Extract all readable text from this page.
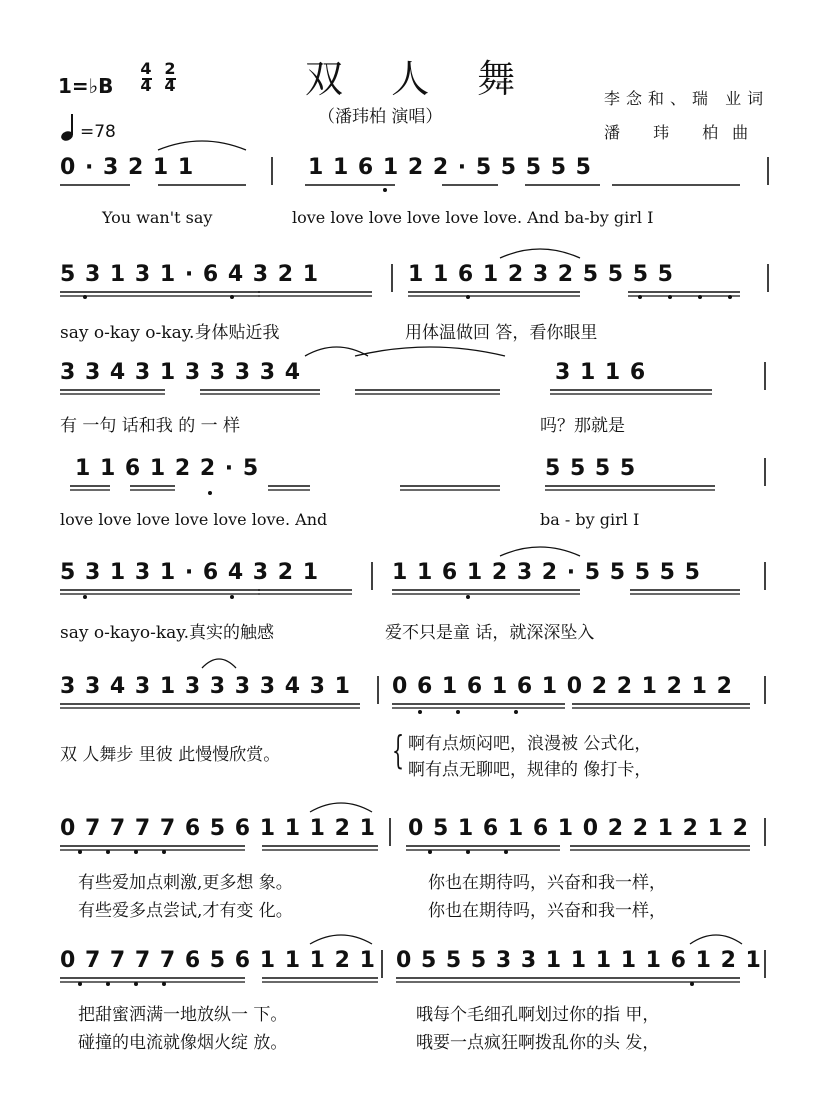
1=♭B
4
4
2
4	双 人 舞
（潘玮柏 演唱）
李念和、瑞 业词
潘 玮 柏曲
=78
0 · 3 2 1 1	1 1 6 1 2 2 · 5 5 5 5 5
You wan't say	love love love love love love. And ba-by girl I
5 3 1 3 1 · 6 4 3 2 1	1 1 6 1 2 3 2 5 5 5 5
say o-kay o-kay.身体贴近我	用体温做回 答，看你眼里
3 3 4 3 1 3 3 3 3 4	3 1 1 6
有 一句 话和我 的 一 样	吗？那就是
1 1 6 1 2 2 · 5	5 5 5 5
love love love love love love. And	ba - by girl I
5 3 1 3 1 · 6 4 3 2 1	1 1 6 1 2 3 2 · 5 5 5 5 5
say o-kayo-kay.真实的触感	爱不只是童 话，就深深坠入
3 3 4 3 1 3 3 3 3 4 3 1 0 6 1 6 1 6 1 0 2 2 1 2 1 2
双 人舞步 里彼 此慢慢欣赏。	{ 啊有点烦闷吧，浪漫被 公式化，
啊有点无聊吧，规律的 像打卡，
0 7 7 7 7 6 5 6 1 1 1 2 1 0 5 1 6 1 6 1 0 2 2 1 2 1 2
有些爱加点刺激,更多想 象。	你也在期待吗，兴奋和我一样，
有些爱多点尝试,才有变 化。	你也在期待吗，兴奋和我一样，
0 7 7 7 7 6 5 6 1 1 1 2 1 0 5 5 5 3 3 1 1 1 1 1 6 1 2 1
把甜蜜洒满一地放纵一 下。	哦每个毛细孔啊划过你的指 甲，
碰撞的电流就像烟火绽 放。	哦要一点疯狂啊拨乱你的头 发，
